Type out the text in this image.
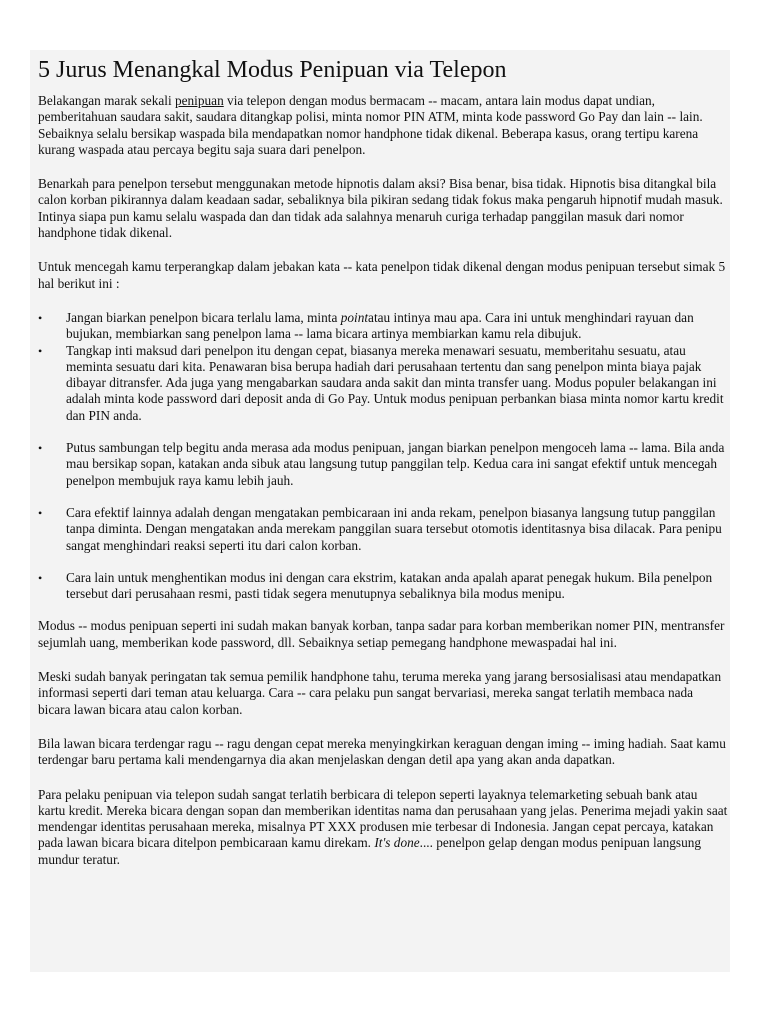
5 Jurus Menangkal Modus Penipuan via Telepon

Belakangan marak sekali penipuan via telepon dengan modus bermacam -- macam, antara lain modus dapat undian, pemberitahuan saudara sakit, saudara ditangkap polisi, minta nomor PIN ATM, minta kode password Go Pay dan lain -- lain. Sebaiknya selalu bersikap waspada bila mendapatkan nomor handphone tidak dikenal. Beberapa kasus, orang tertipu karena kurang waspada atau percaya begitu saja suara dari penelpon.

Benarkah para penelpon tersebut menggunakan metode hipnotis dalam aksi? Bisa benar, bisa tidak. Hipnotis bisa ditangkal bila calon korban pikirannya dalam keadaan sadar, sebaliknya bila pikiran sedang tidak fokus maka pengaruh hipnotif mudah masuk. Intinya siapa pun kamu selalu waspada dan dan tidak ada salahnya menaruh curiga terhadap panggilan masuk dari nomor handphone tidak dikenal.

Untuk mencegah kamu terperangkap dalam jebakan kata -- kata penelpon tidak dikenal dengan modus penipuan tersebut simak 5 hal berikut ini :

• Jangan biarkan penelpon bicara terlalu lama, minta pointatau intinya mau apa. Cara ini untuk menghindari rayuan dan bujukan, membiarkan sang penelpon lama -- lama bicara artinya membiarkan kamu rela dibujuk.
• Tangkap inti maksud dari penelpon itu dengan cepat, biasanya mereka menawari sesuatu, memberitahu sesuatu, atau meminta sesuatu dari kita. Penawaran bisa berupa hadiah dari perusahaan tertentu dan sang penelpon minta biaya pajak dibayar ditransfer. Ada juga yang mengabarkan saudara anda sakit dan minta transfer uang. Modus populer belakangan ini adalah minta kode password dari deposit anda di Go Pay. Untuk modus penipuan perbankan biasa minta nomor kartu kredit dan PIN anda.
• Putus sambungan telp begitu anda merasa ada modus penipuan, jangan biarkan penelpon mengoceh lama -- lama. Bila anda mau bersikap sopan, katakan anda sibuk atau langsung tutup panggilan telp. Kedua cara ini sangat efektif untuk mencegah penelpon membujuk raya kamu lebih jauh.
• Cara efektif lainnya adalah dengan mengatakan pembicaraan ini anda rekam, penelpon biasanya langsung tutup panggilan tanpa diminta. Dengan mengatakan anda merekam panggilan suara tersebut otomotis identitasnya bisa dilacak. Para penipu sangat menghindari reaksi seperti itu dari calon korban.
• Cara lain untuk menghentikan modus ini dengan cara ekstrim, katakan anda apalah aparat penegak hukum. Bila penelpon tersebut dari perusahaan resmi, pasti tidak segera menutupnya sebaliknya bila modus menipu.

Modus -- modus penipuan seperti ini sudah makan banyak korban, tanpa sadar para korban memberikan nomer PIN, mentransfer sejumlah uang, memberikan kode password, dll. Sebaiknya setiap pemegang handphone mewaspadai hal ini.

Meski sudah banyak peringatan tak semua pemilik handphone tahu, teruma mereka yang jarang bersosialisasi atau mendapatkan informasi seperti dari teman atau keluarga. Cara -- cara pelaku pun sangat bervariasi, mereka sangat terlatih membaca nada bicara lawan bicara atau calon korban.

Bila lawan bicara terdengar ragu -- ragu dengan cepat mereka menyingkirkan keraguan dengan iming -- iming hadiah. Saat kamu terdengar baru pertama kali mendengarnya dia akan menjelaskan dengan detil apa yang akan anda dapatkan.

Para pelaku penipuan via telepon sudah sangat terlatih berbicara di telepon seperti layaknya telemarketing sebuah bank atau kartu kredit. Mereka bicara dengan sopan dan memberikan identitas nama dan perusahaan yang jelas. Penerima mejadi yakin saat mendengar identitas perusahaan mereka, misalnya PT XXX produsen mie terbesar di Indonesia. Jangan cepat percaya, katakan pada lawan bicara bicara ditelpon pembicaraan kamu direkam. It's done.... penelpon gelap dengan modus penipuan langsung mundur teratur.
